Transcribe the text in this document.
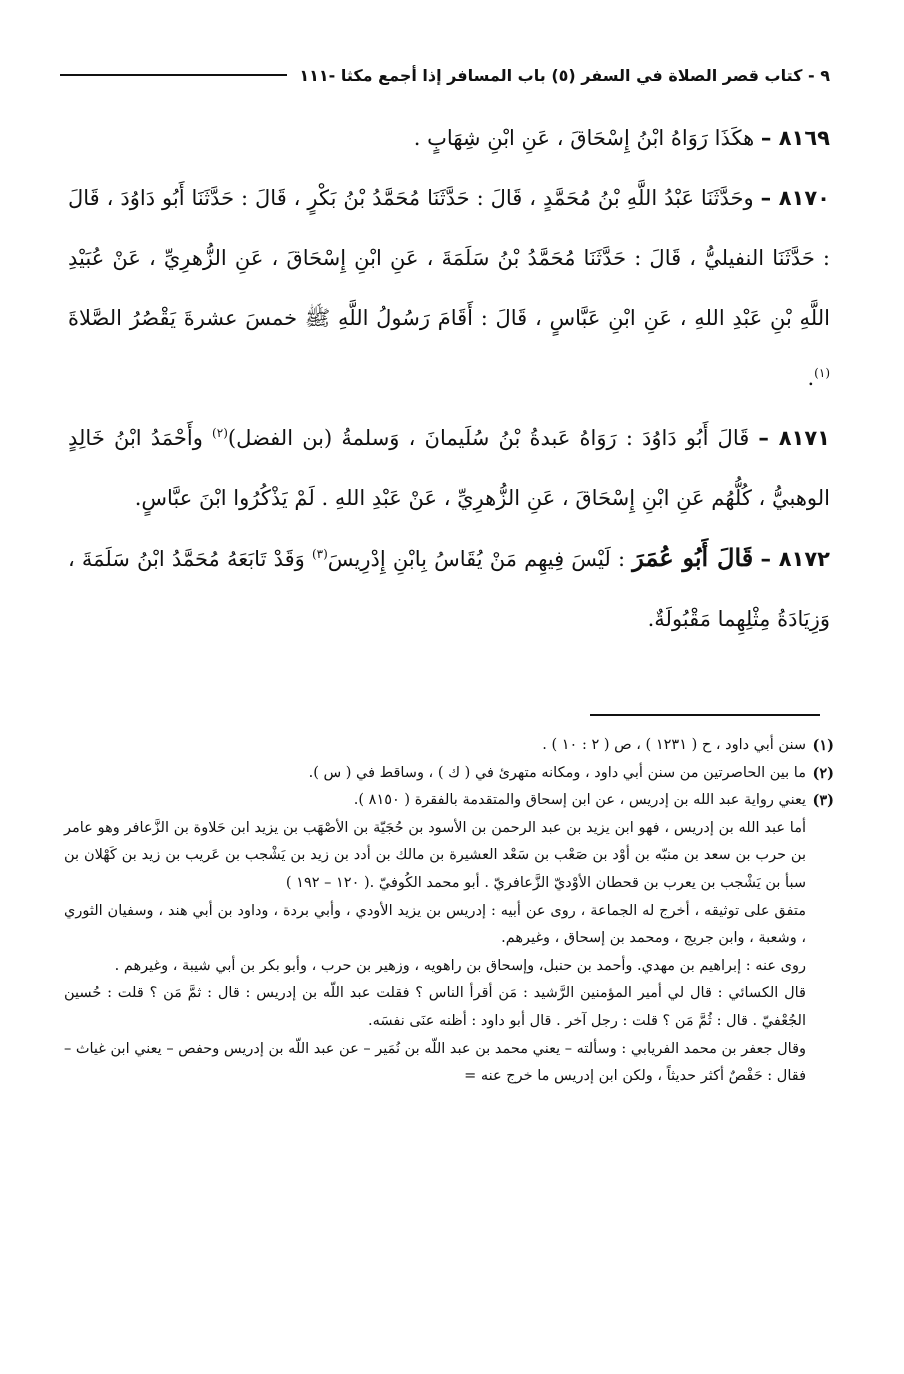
٩ - كتاب قصر الصلاة في السفر (٥) باب المسافر إذا أجمع مكثا -١١١

٨١٦٩ – هكَذَا رَوَاهُ ابْنُ إِسْحَاقَ ، عَنِ ابْنِ شِهَابٍ .

٨١٧٠ – وحَدَّثَنَا عَبْدُ اللَّهِ بْنُ مُحَمَّدٍ ، قَالَ : حَدَّثَنَا مُحَمَّدُ بْنُ بَكْرٍ ، قَالَ : حَدَّثَنَا أَبُو دَاوُدَ ، قَالَ : حَدَّثَنَا النفيليُّ ، قَالَ : حَدَّثَنَا مُحَمَّدُ بْنُ سَلَمَةَ ، عَنِ ابْنِ إِسْحَاقَ ، عَنِ الزُّهرِيِّ ، عَنْ عُبَيْدِ اللَّهِ بْنِ عَبْدِ اللهِ ، عَنِ ابْنِ عَبَّاسٍ ، قَالَ : أَقَامَ رَسُولُ اللَّهِ ﷺ خمسَ عشرةَ يَقْصُرُ الصَّلاةَ $^{(١)}$.

٨١٧١ – قَالَ أَبُو دَاوُدَ : رَوَاهُ عَبدةُ بْنُ سُلَيمانَ ، وَسلمةُ (بن الفضل)$^{(٢)}$ وأَحْمَدُ ابْنُ خَالِدٍ الوهبيُّ ، كُلُّهُم عَنِ ابْنِ إِسْحَاقَ ، عَنِ الزُّهرِيِّ ، عَنْ عَبْدِ اللهِ . لَمْ يَذْكُرُوا ابْنَ عبَّاسٍ.

٨١٧٢ – قَالَ أَبُو عُمَرَ : لَيْسَ فِيهِم مَنْ يُقَاسُ بِابْنِ إِدْرِيسَ$^{(٣)}$ وَقَدْ تَابَعَهُ مُحَمَّدُ ابْنُ سَلَمَةَ ، وَزِيَادَةُ مِثْلِهِما مَقْبُولَةٌ.

(١)
سنن أبي داود ، ح ( ١٢٣١ ) ، ص ( ٢ : ١٠ ) .

(٢)
ما بين الحاصرتين من سنن أبي داود ، ومكانه متهرئ في ( ك ) ، وساقط في ( س ).

(٣)
يعني رواية عبد الله بن إدريس ، عن ابن إسحاق والمتقدمة بالفقرة ( ٨١٥٠ ).

أما عبد الله بن إدريس ، فهو ابن يزيد بن عبد الرحمن بن الأسود بن حُجَيّة بن الأصْهَب بن يزيد ابن حَلاوة بن الزَّعافر وهو عامر بن حرب بن سعد بن منبّه بن أوْد بن صَعْب بن سَعْد العشيرة بن مالك بن أدد بن زيد بن يَشْجب بن عَريب بن زيد بن كَهْلان بن سبأ بن يَشْجب بن يعرب بن قحطان الأوْديّ الزَّعافريّ . أبو محمد الكُوفيّ .( ١٢٠ – ١٩٢ )

متفق على توثيقه ، أخرج له الجماعة ، روى عن أبيه : إدريس بن يزيد الأودي ، وأبي بردة ، وداود بن أبي هند ، وسفيان الثوري ، وشعبة ، وابن جريج ، ومحمد بن إسحاق ، وغيرهم.

روى عنه : إبراهيم بن مهدي. وأحمد بن حنبل، وإسحاق بن راهويه ، وزهير بن حرب ، وأبو بكر بن أبي شيبة ، وغيرهم .

قال الكسائي : قال لي أمير المؤمنين الرَّشيد : مَن أقرأ الناس ؟ فقلت عبد اللّه بن إدريس : قال : ثمَّ مَن ؟ قلت : حُسين الجُعْفيّ . قال : ثُمَّ مَن ؟ قلت : رجل آخر . قال أبو داود : أظنه عنَى نفسَه.

وقال جعفر بن محمد الفريابي : وسألته – يعني محمد بن عبد اللّه بن نُمَير – عن عبد اللّه بن إدريس وحفص – يعني ابن غياث – فقال : حَفْصٌ أكثر حديثاً ، ولكن ابن إدريس ما خرج عنه =
